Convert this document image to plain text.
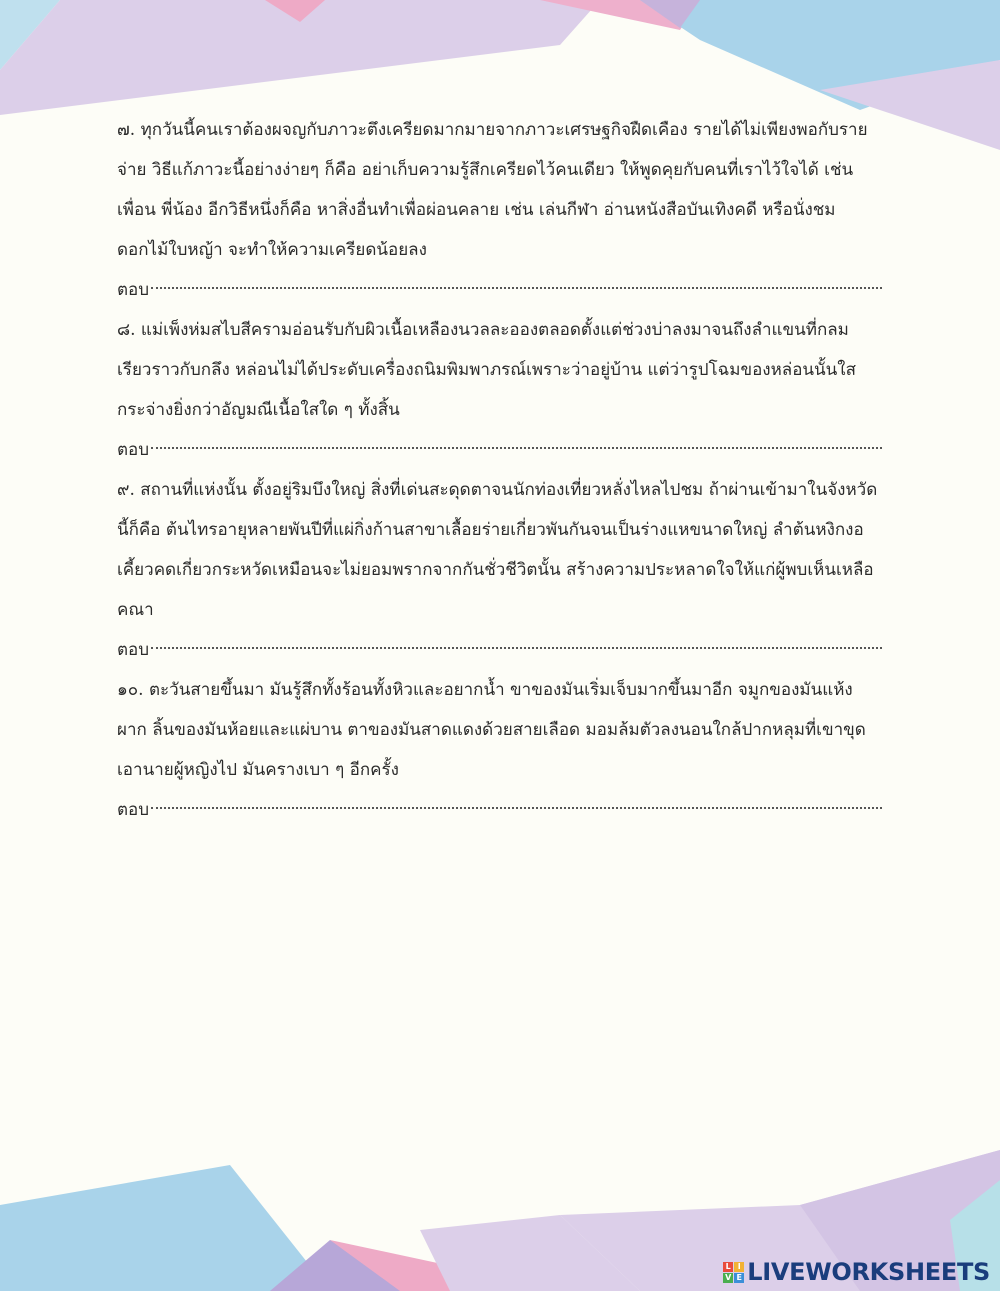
๗. ทุกวันนี้คนเราต้องผจญกับภาวะตึงเครียดมากมายจากภาวะเศรษฐกิจฝืดเคือง รายได้ไม่เพียงพอกับรายจ่าย วิธีแก้ภาวะนี้อย่างง่ายๆ ก็คือ อย่าเก็บความรู้สึกเครียดไว้คนเดียว ให้พูดคุยกับคนที่เราไว้ใจได้ เช่น เพื่อน พี่น้อง อีกวิธีหนึ่งก็คือ หาสิ่งอื่นทำเพื่อผ่อนคลาย เช่น เล่นกีฬา อ่านหนังสือบันเทิงคดี หรือนั่งชมดอกไม้ใบหญ้า จะทำให้ความเครียดน้อยลง

ตอบ

๘. แม่เพ็งห่มสไบสีครามอ่อนรับกับผิวเนื้อเหลืองนวลละอองตลอดตั้งแต่ช่วงบ่าลงมาจนถึงลำแขนที่กลมเรียวราวกับกลึง หล่อนไม่ได้ประดับเครื่องถนิมพิมพาภรณ์เพราะว่าอยู่บ้าน แต่ว่ารูปโฉมของหล่อนนั้นใสกระจ่างยิ่งกว่าอัญมณีเนื้อใสใด ๆ ทั้งสิ้น

ตอบ

๙. สถานที่แห่งนั้น ตั้งอยู่ริมบึงใหญ่ สิ่งที่เด่นสะดุดตาจนนักท่องเที่ยวหลั่งไหลไปชม ถ้าผ่านเข้ามาในจังหวัดนี้ก็คือ ต้นไทรอายุหลายพันปีที่แผ่กิ่งก้านสาขาเลื้อยร่ายเกี่ยวพันกันจนเป็นร่างแหขนาดใหญ่ ลำต้นหงิกงอเคี้ยวคดเกี่ยวกระหวัดเหมือนจะไม่ยอมพรากจากกันชั่วชีวิตนั้น สร้างความประหลาดใจให้แก่ผู้พบเห็นเหลือคณา

ตอบ

๑๐. ตะวันสายขึ้นมา มันรู้สึกทั้งร้อนทั้งหิวและอยากน้ำ ขาของมันเริ่มเจ็บมากขึ้นมาอีก จมูกของมันแห้งผาก ลิ้นของมันห้อยและแผ่บาน ตาของมันสาดแดงด้วยสายเลือด มอมล้มตัวลงนอนใกล้ปากหลุมที่เขาขุดเอานายผู้หญิงไป มันครางเบา ๆ อีกครั้ง

ตอบ
L I
V E LIVEWORKSHEETS
